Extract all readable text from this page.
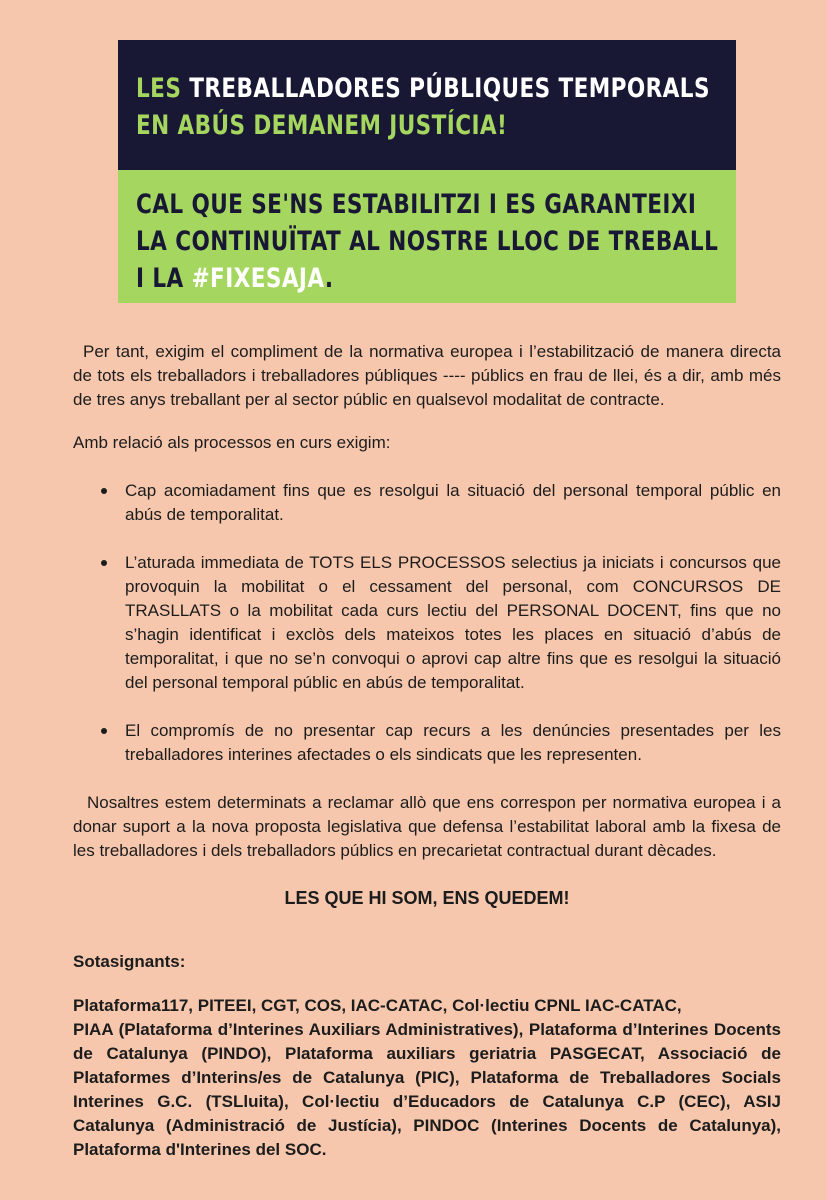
LES TREBALLADORES PÚBLIQUES TEMPORALS
EN ABÚS DEMANEM JUSTÍCIA!
CAL QUE SE'NS ESTABILITZI I ES GARANTEIXI
LA CONTINUÏTAT AL NOSTRE LLOC DE TREBALL
I LA #FIXESAJA.

Per tant, exigim el compliment de la normativa europea i l’estabilització de manera directa de tots els treballadors i treballadores públiques ---- públics en frau de llei, és a dir, amb més de tres anys treballant per al sector públic en qualsevol modalitat de contracte.

Amb relació als processos en curs exigim:

Cap acomiadament fins que es resolgui la situació del personal temporal públic en abús de temporalitat.
L’aturada immediata de TOTS ELS PROCESSOS selectius ja iniciats i concursos que provoquin la mobilitat o el cessament del personal, com CONCURSOS DE TRASLLATS o la mobilitat cada curs lectiu del PERSONAL DOCENT, fins que no s’hagin identificat i exclòs dels mateixos totes les places en situació d’abús de temporalitat, i que no se’n convoqui o aprovi cap altre fins que es resolgui la situació del personal temporal públic en abús de temporalitat.
El compromís de no presentar cap recurs a les denúncies presentades per les treballadores interines afectades o els sindicats que les representen.

Nosaltres estem determinats a reclamar allò que ens correspon per normativa europea i a donar suport a la nova proposta legislativa que defensa l’estabilitat laboral amb la fixesa de les treballadores i dels treballadors públics en precarietat contractual durant dècades.

LES QUE HI SOM, ENS QUEDEM!

Sotasignants:

Plataforma117, PITEEI, CGT, COS, IAC-CATAC, Col·lectiu CPNL IAC-CATAC,
PIAA (Plataforma d’Interines Auxiliars Administratives), Plataforma d’Interines Docents de Catalunya (PINDO), Plataforma auxiliars geriatria PASGECAT, Associació de Plataformes d’Interins/es de Catalunya (PIC), Plataforma de Treballadores Socials Interines G.C. (TSLluita), Col·lectiu d’Educadors de Catalunya C.P (CEC), ASIJ Catalunya (Administració de Justícia), PINDOC (Interines Docents de Catalunya), Plataforma d'Interines del SOC.
